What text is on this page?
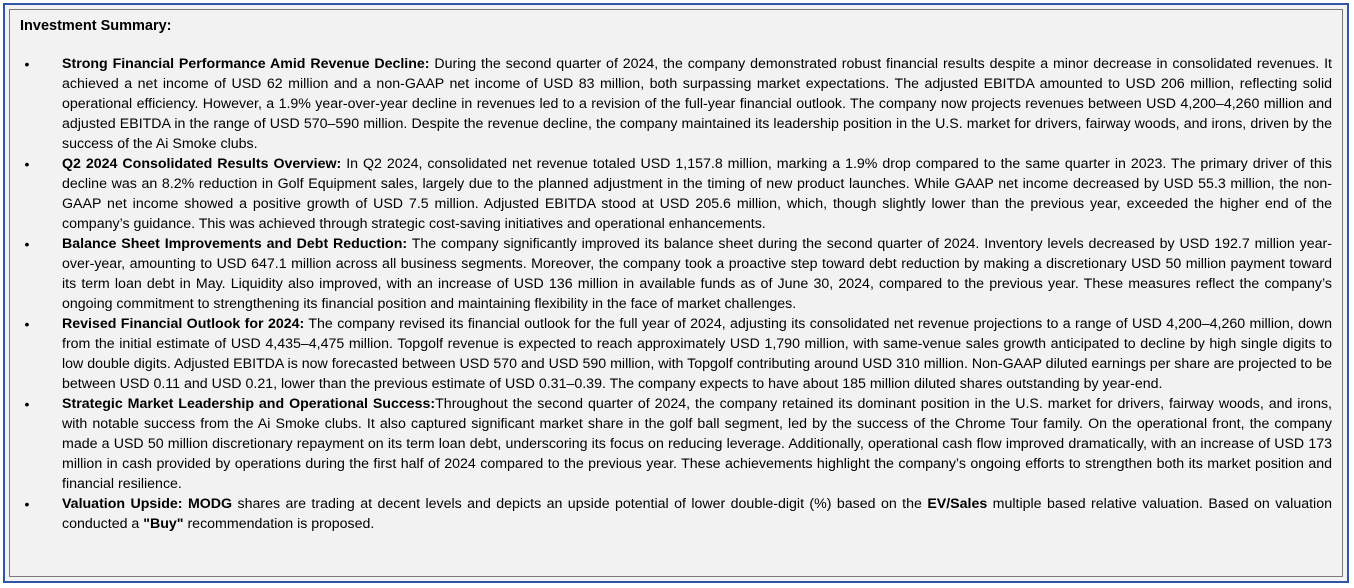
Investment Summary:
•	Strong Financial Performance Amid Revenue Decline: During the second quarter of 2024, the company demonstrated robust financial results despite a minor decrease in consolidated revenues. It achieved a net income of USD 62 million and a non-GAAP net income of USD 83 million, both surpassing market expectations. The adjusted EBITDA amounted to USD 206 million, reflecting solid operational efficiency. However, a 1.9% year-over-year decline in revenues led to a revision of the full-year financial outlook. The company now projects revenues between USD 4,200–4,260 million and adjusted EBITDA in the range of USD 570–590 million. Despite the revenue decline, the company maintained its leadership position in the U.S. market for drivers, fairway woods, and irons, driven by the success of the Ai Smoke clubs.
•	Q2 2024 Consolidated Results Overview: In Q2 2024, consolidated net revenue totaled USD 1,157.8 million, marking a 1.9% drop compared to the same quarter in 2023. The primary driver of this decline was an 8.2% reduction in Golf Equipment sales, largely due to the planned adjustment in the timing of new product launches. While GAAP net income decreased by USD 55.3 million, the non-GAAP net income showed a positive growth of USD 7.5 million. Adjusted EBITDA stood at USD 205.6 million, which, though slightly lower than the previous year, exceeded the higher end of the company’s guidance. This was achieved through strategic cost-saving initiatives and operational enhancements.
•	Balance Sheet Improvements and Debt Reduction: The company significantly improved its balance sheet during the second quarter of 2024. Inventory levels decreased by USD 192.7 million year-over-year, amounting to USD 647.1 million across all business segments. Moreover, the company took a proactive step toward debt reduction by making a discretionary USD 50 million payment toward its term loan debt in May. Liquidity also improved, with an increase of USD 136 million in available funds as of June 30, 2024, compared to the previous year. These measures reflect the company’s ongoing commitment to strengthening its financial position and maintaining flexibility in the face of market challenges.
•	Revised Financial Outlook for 2024: The company revised its financial outlook for the full year of 2024, adjusting its consolidated net revenue projections to a range of USD 4,200–4,260 million, down from the initial estimate of USD 4,435–4,475 million. Topgolf revenue is expected to reach approximately USD 1,790 million, with same-venue sales growth anticipated to decline by high single digits to low double digits. Adjusted EBITDA is now forecasted between USD 570 and USD 590 million, with Topgolf contributing around USD 310 million. Non-GAAP diluted earnings per share are projected to be between USD 0.11 and USD 0.21, lower than the previous estimate of USD 0.31–0.39. The company expects to have about 185 million diluted shares outstanding by year-end.
•	Strategic Market Leadership and Operational Success:Throughout the second quarter of 2024, the company retained its dominant position in the U.S. market for drivers, fairway woods, and irons, with notable success from the Ai Smoke clubs. It also captured significant market share in the golf ball segment, led by the success of the Chrome Tour family. On the operational front, the company made a USD 50 million discretionary repayment on its term loan debt, underscoring its focus on reducing leverage. Additionally, operational cash flow improved dramatically, with an increase of USD 173 million in cash provided by operations during the first half of 2024 compared to the previous year. These achievements highlight the company’s ongoing efforts to strengthen both its market position and financial resilience.
•	Valuation Upside: MODG shares are trading at decent levels and depicts an upside potential of lower double-digit (%) based on the EV/Sales multiple based relative valuation. Based on valuation conducted a "Buy" recommendation is proposed.
